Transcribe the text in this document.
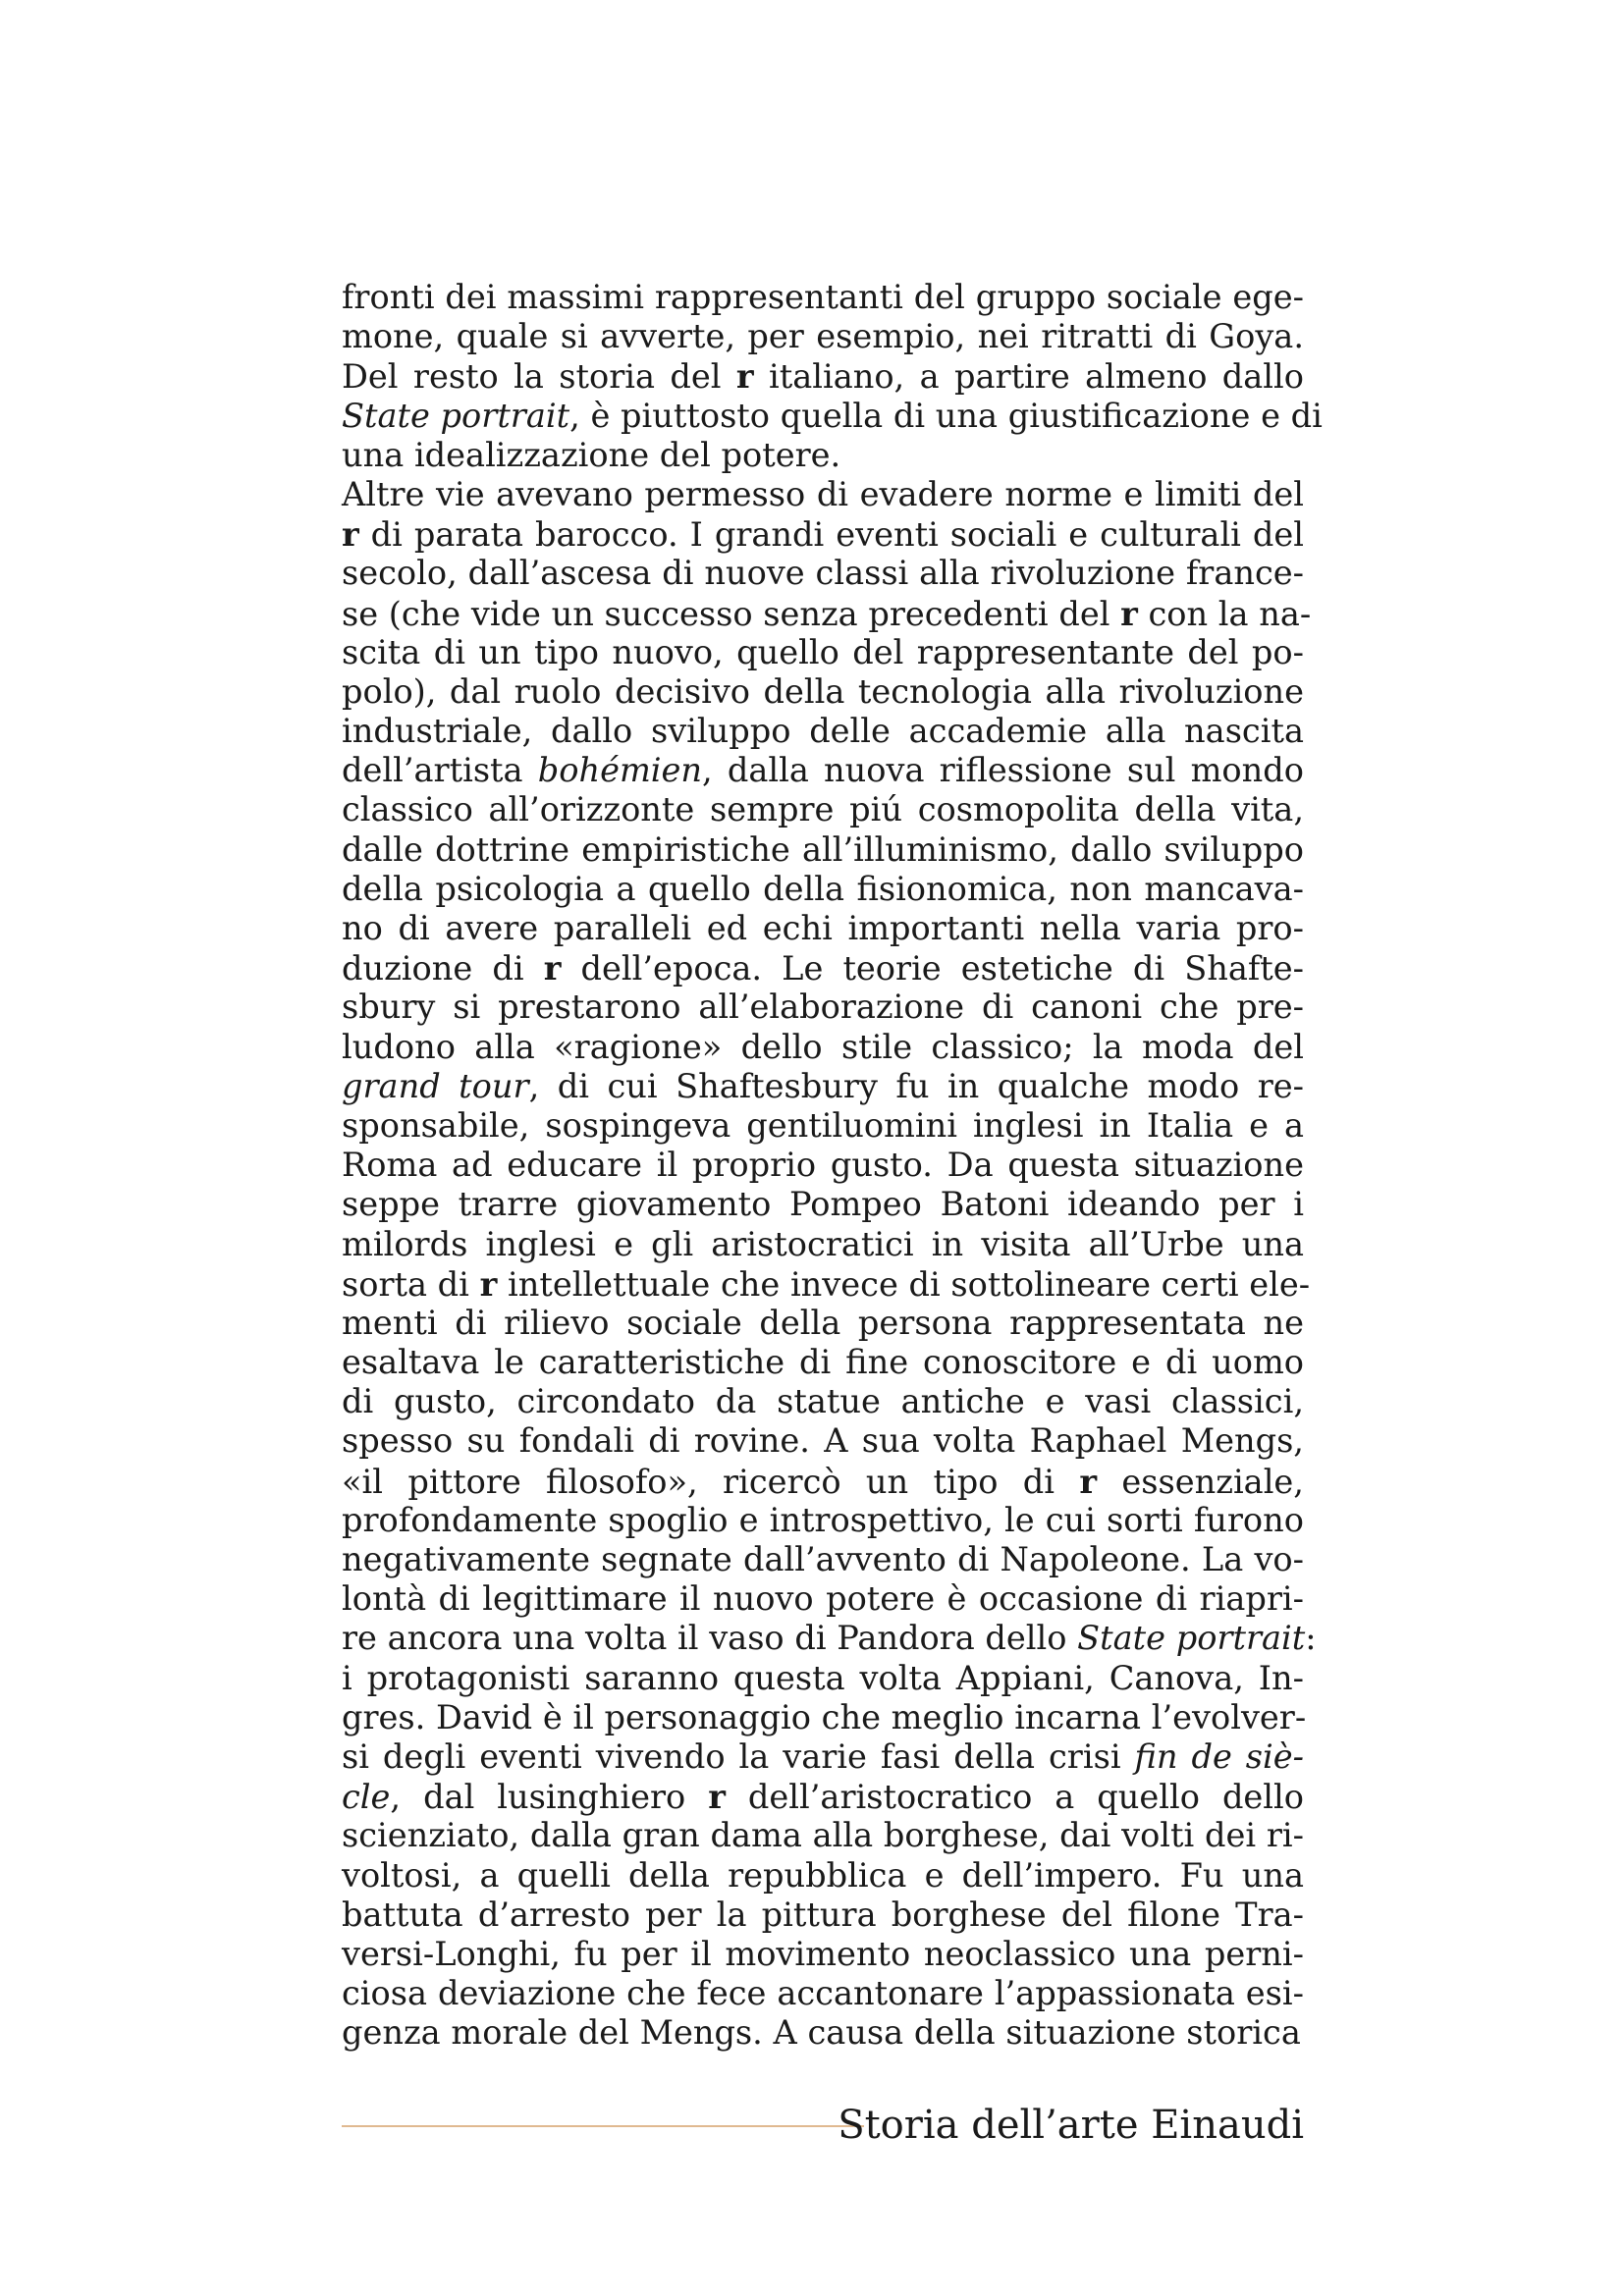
fronti dei massimi rappresentanti del gruppo sociale ege-
mone, quale si avverte, per esempio, nei ritratti di Goya.
Del resto la storia del r italiano, a partire almeno dallo
State portrait, è piuttosto quella di una giustificazione e di
una idealizzazione del potere.
Altre vie avevano permesso di evadere norme e limiti del
r di parata barocco. I grandi eventi sociali e culturali del
secolo, dall’ascesa di nuove classi alla rivoluzione france-
se (che vide un successo senza precedenti del r con la na-
scita di un tipo nuovo, quello del rappresentante del po-
polo), dal ruolo decisivo della tecnologia alla rivoluzione
industriale, dallo sviluppo delle accademie alla nascita
dell’artista bohémien, dalla nuova riflessione sul mondo
classico all’orizzonte sempre piú cosmopolita della vita,
dalle dottrine empiristiche all’illuminismo, dallo sviluppo
della psicologia a quello della fisionomica, non mancava-
no di avere paralleli ed echi importanti nella varia pro-
duzione di r dell’epoca. Le teorie estetiche di Shafte-
sbury si prestarono all’elaborazione di canoni che pre-
ludono alla «ragione» dello stile classico; la moda del
grand tour, di cui Shaftesbury fu in qualche modo re-
sponsabile, sospingeva gentiluomini inglesi in Italia e a
Roma ad educare il proprio gusto. Da questa situazione
seppe trarre giovamento Pompeo Batoni ideando per i
milords inglesi e gli aristocratici in visita all’Urbe una
sorta di r intellettuale che invece di sottolineare certi ele-
menti di rilievo sociale della persona rappresentata ne
esaltava le caratteristiche di fine conoscitore e di uomo
di gusto, circondato da statue antiche e vasi classici,
spesso su fondali di rovine. A sua volta Raphael Mengs,
«il pittore filosofo», ricercò un tipo di r essenziale,
profondamente spoglio e introspettivo, le cui sorti furono
negativamente segnate dall’avvento di Napoleone. La vo-
lontà di legittimare il nuovo potere è occasione di riapri-
re ancora una volta il vaso di Pandora dello State portrait:
i protagonisti saranno questa volta Appiani, Canova, In-
gres. David è il personaggio che meglio incarna l’evolver-
si degli eventi vivendo la varie fasi della crisi fin de siè-
cle, dal lusinghiero r dell’aristocratico a quello dello
scienziato, dalla gran dama alla borghese, dai volti dei ri-
voltosi, a quelli della repubblica e dell’impero. Fu una
battuta d’arresto per la pittura borghese del filone Tra-
versi-Longhi, fu per il movimento neoclassico una perni-
ciosa deviazione che fece accantonare l’appassionata esi-
genza morale del Mengs. A causa della situazione storica
Storia dell’arte Einaudi
